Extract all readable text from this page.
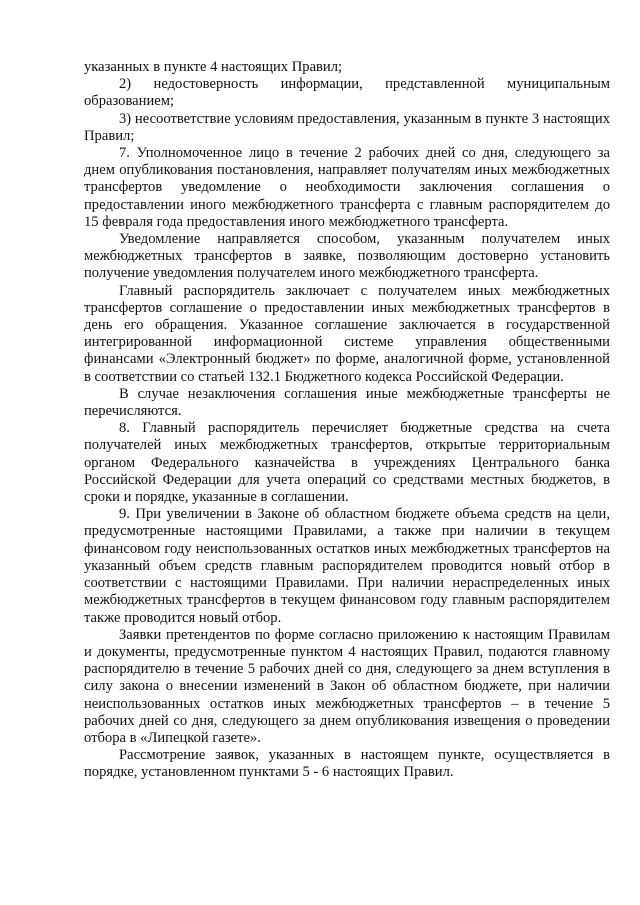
указанных в пункте 4 настоящих Правил;

2) недостоверность информации, представленной муниципальным образованием;

3) несоответствие условиям предоставления, указанным в пункте 3 настоящих Правил;

7. Уполномоченное лицо в течение 2 рабочих дней со дня, следующего за днем опубликования постановления, направляет получателям иных межбюджетных трансфертов уведомление о необходимости заключения соглашения о предоставлении иного межбюджетного трансферта с главным распорядителем до 15 февраля года предоставления иного межбюджетного трансферта.

Уведомление направляется способом, указанным получателем иных межбюджетных трансфертов в заявке, позволяющим достоверно установить получение уведомления получателем иного межбюджетного трансферта.

Главный распорядитель заключает с получателем иных межбюджетных трансфертов соглашение о предоставлении иных межбюджетных трансфертов в день его обращения. Указанное соглашение заключается в государственной интегрированной информационной системе управления общественными финансами «Электронный бюджет» по форме, аналогичной форме, установленной в соответствии со статьей 132.1 Бюджетного кодекса Российской Федерации.

В случае незаключения соглашения иные межбюджетные трансферты не перечисляются.

8. Главный распорядитель перечисляет бюджетные средства на счета получателей иных межбюджетных трансфертов, открытые территориальным органом Федерального казначейства в учреждениях Центрального банка Российской Федерации для учета операций со средствами местных бюджетов, в сроки и порядке, указанные в соглашении.

9. При увеличении в Законе об областном бюджете объема средств на цели, предусмотренные настоящими Правилами, а также при наличии в текущем финансовом году неиспользованных остатков иных межбюджетных трансфертов на указанный объем средств главным распорядителем проводится новый отбор в соответствии с настоящими Правилами. При наличии нераспределенных иных межбюджетных трансфертов в текущем финансовом году главным распорядителем также проводится новый отбор.

Заявки претендентов по форме согласно приложению к настоящим Правилам и документы, предусмотренные пунктом 4 настоящих Правил, подаются главному распорядителю в течение 5 рабочих дней со дня, следующего за днем вступления в силу закона о внесении изменений в Закон об областном бюджете, при наличии неиспользованных остатков иных межбюджетных трансфертов – в течение 5 рабочих дней со дня, следующего за днем опубликования извещения о проведении отбора в «Липецкой газете».

Рассмотрение заявок, указанных в настоящем пункте, осуществляется в порядке, установленном пунктами 5 - 6 настоящих Правил.
